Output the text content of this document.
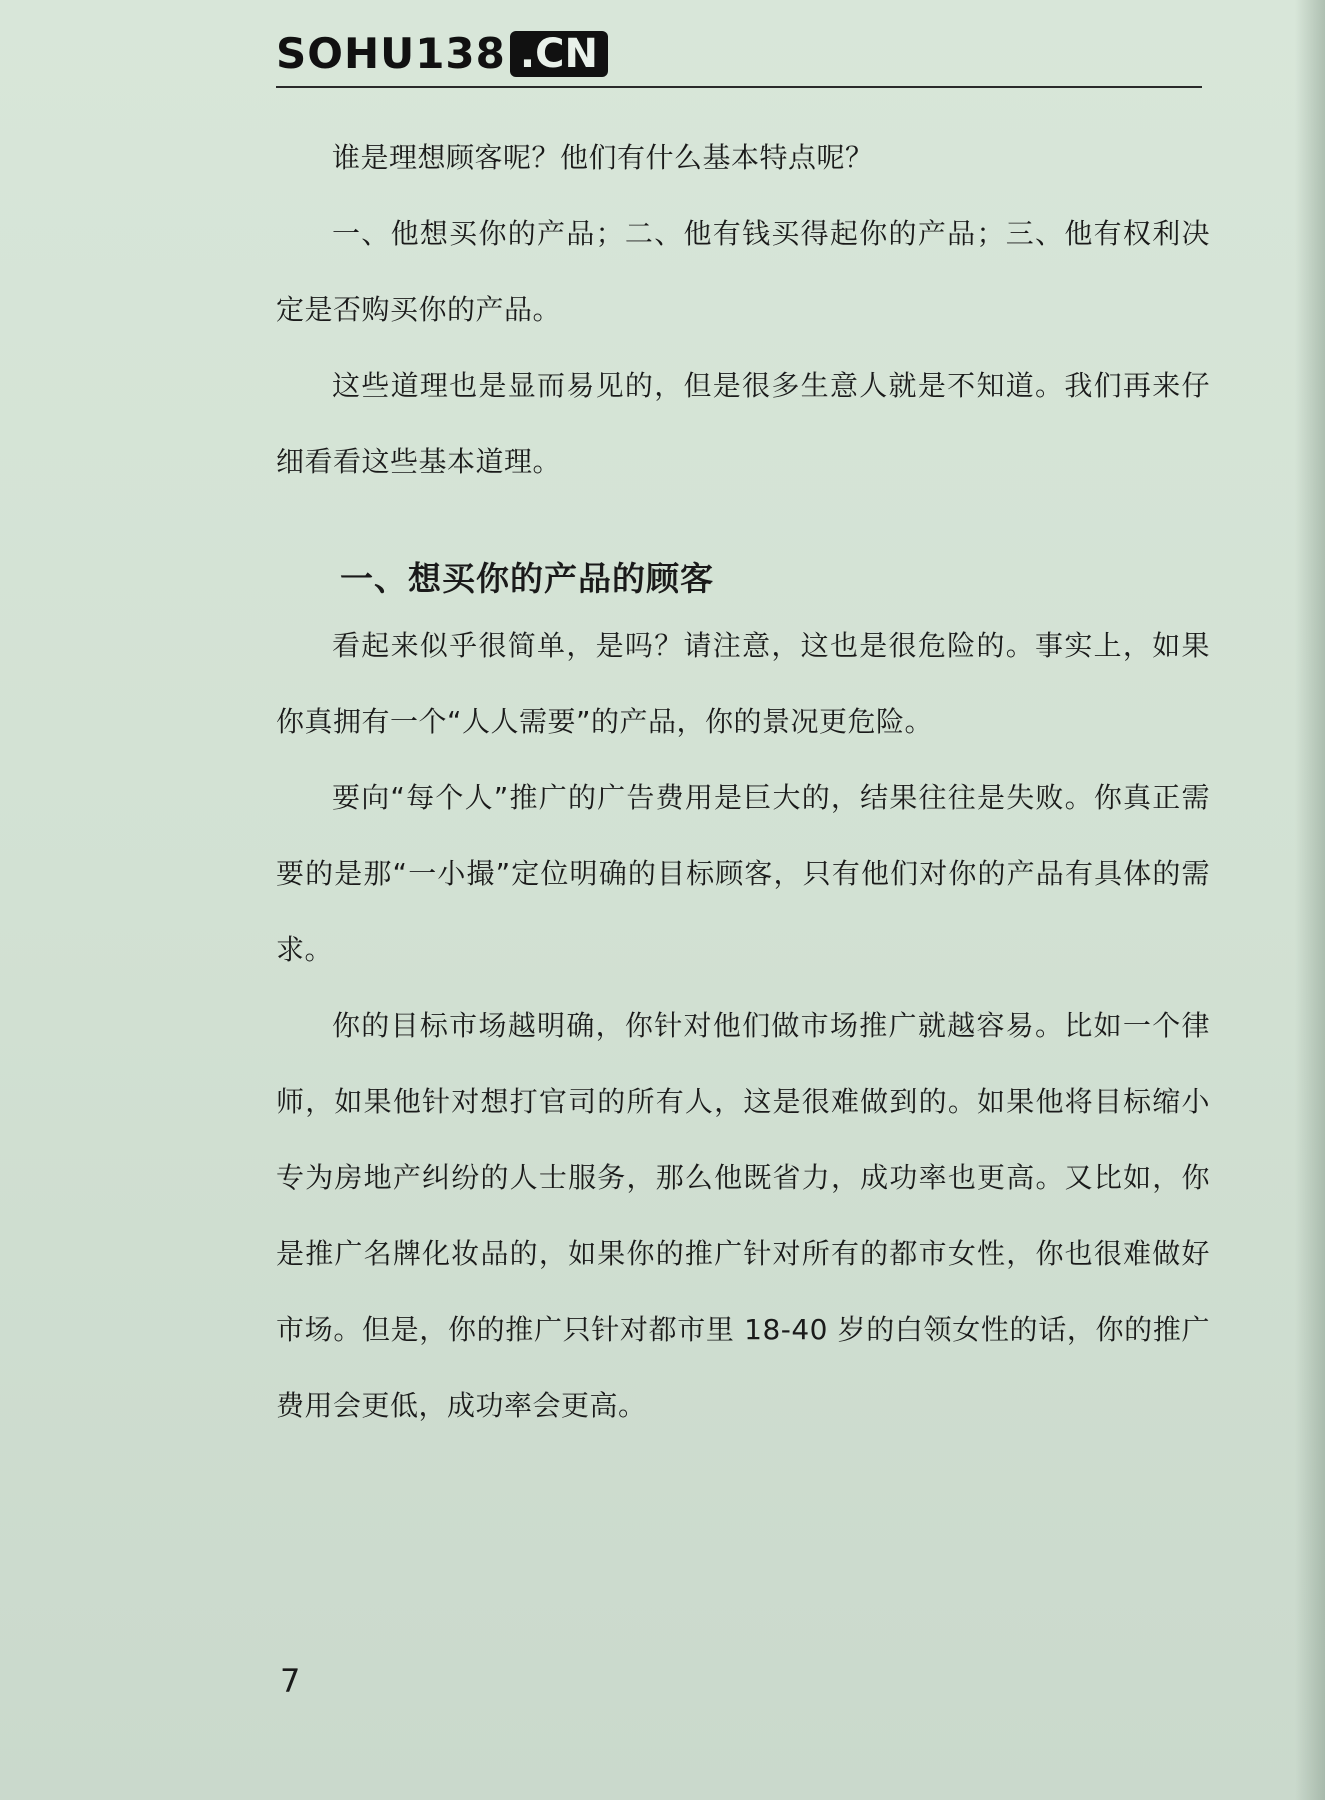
SOHU138 .CN

谁是理想顾客呢？他们有什么基本特点呢？

一、他想买你的产品；二、他有钱买得起你的产品；三、他有权利决定是否购买你的产品。

这些道理也是显而易见的，但是很多生意人就是不知道。我们再来仔细看看这些基本道理。

一、想买你的产品的顾客

看起来似乎很简单，是吗？请注意，这也是很危险的。事实上，如果你真拥有一个“人人需要”的产品，你的景况更危险。

要向“每个人”推广的广告费用是巨大的，结果往往是失败。你真正需要的是那“一小撮”定位明确的目标顾客，只有他们对你的产品有具体的需求。

你的目标市场越明确，你针对他们做市场推广就越容易。比如一个律师，如果他针对想打官司的所有人，这是很难做到的。如果他将目标缩小专为房地产纠纷的人士服务，那么他既省力，成功率也更高。又比如，你是推广名牌化妆品的，如果你的推广针对所有的都市女性，你也很难做好市场。但是，你的推广只针对都市里 18-40 岁的白领女性的话，你的推广费用会更低，成功率会更高。

7
